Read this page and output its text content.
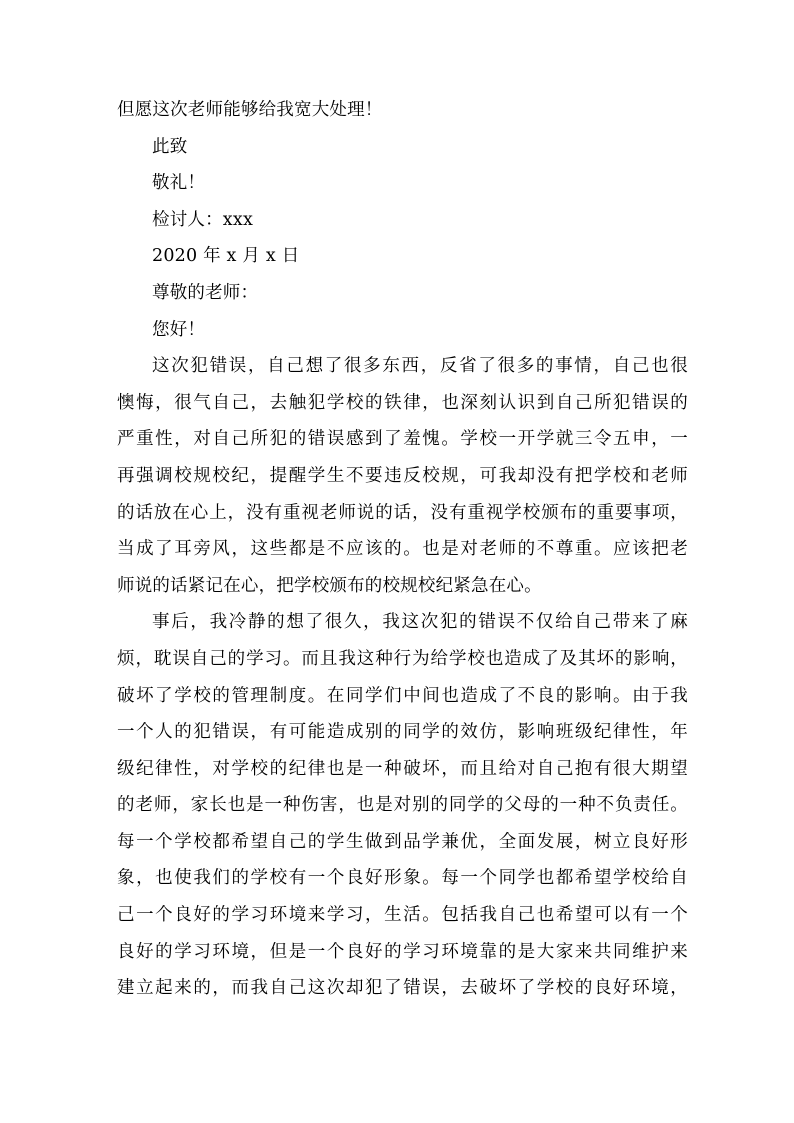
但愿这次老师能够给我宽大处理！
此致
敬礼！
检讨人：xxx
2020 年 x 月 x 日
尊敬的老师：
您好！
这次犯错误，自己想了很多东西，反省了很多的事情，自己也很
懊悔，很气自己，去触犯学校的铁律，也深刻认识到自己所犯错误的
严重性，对自己所犯的错误感到了羞愧。学校一开学就三令五申，一
再强调校规校纪，提醒学生不要违反校规，可我却没有把学校和老师
的话放在心上，没有重视老师说的话，没有重视学校颁布的重要事项，
当成了耳旁风，这些都是不应该的。也是对老师的不尊重。应该把老
师说的话紧记在心，把学校颁布的校规校纪紧急在心。
事后，我冷静的想了很久，我这次犯的错误不仅给自己带来了麻
烦，耽误自己的学习。而且我这种行为给学校也造成了及其坏的影响，
破坏了学校的管理制度。在同学们中间也造成了不良的影响。由于我
一个人的犯错误，有可能造成别的同学的效仿，影响班级纪律性，年
级纪律性，对学校的纪律也是一种破坏，而且给对自己抱有很大期望
的老师，家长也是一种伤害，也是对别的同学的父母的一种不负责任。
每一个学校都希望自己的学生做到品学兼优，全面发展，树立良好形
象，也使我们的学校有一个良好形象。每一个同学也都希望学校给自
己一个良好的学习环境来学习，生活。包括我自己也希望可以有一个
良好的学习环境，但是一个良好的学习环境靠的是大家来共同维护来
建立起来的，而我自己这次却犯了错误，去破坏了学校的良好环境，
